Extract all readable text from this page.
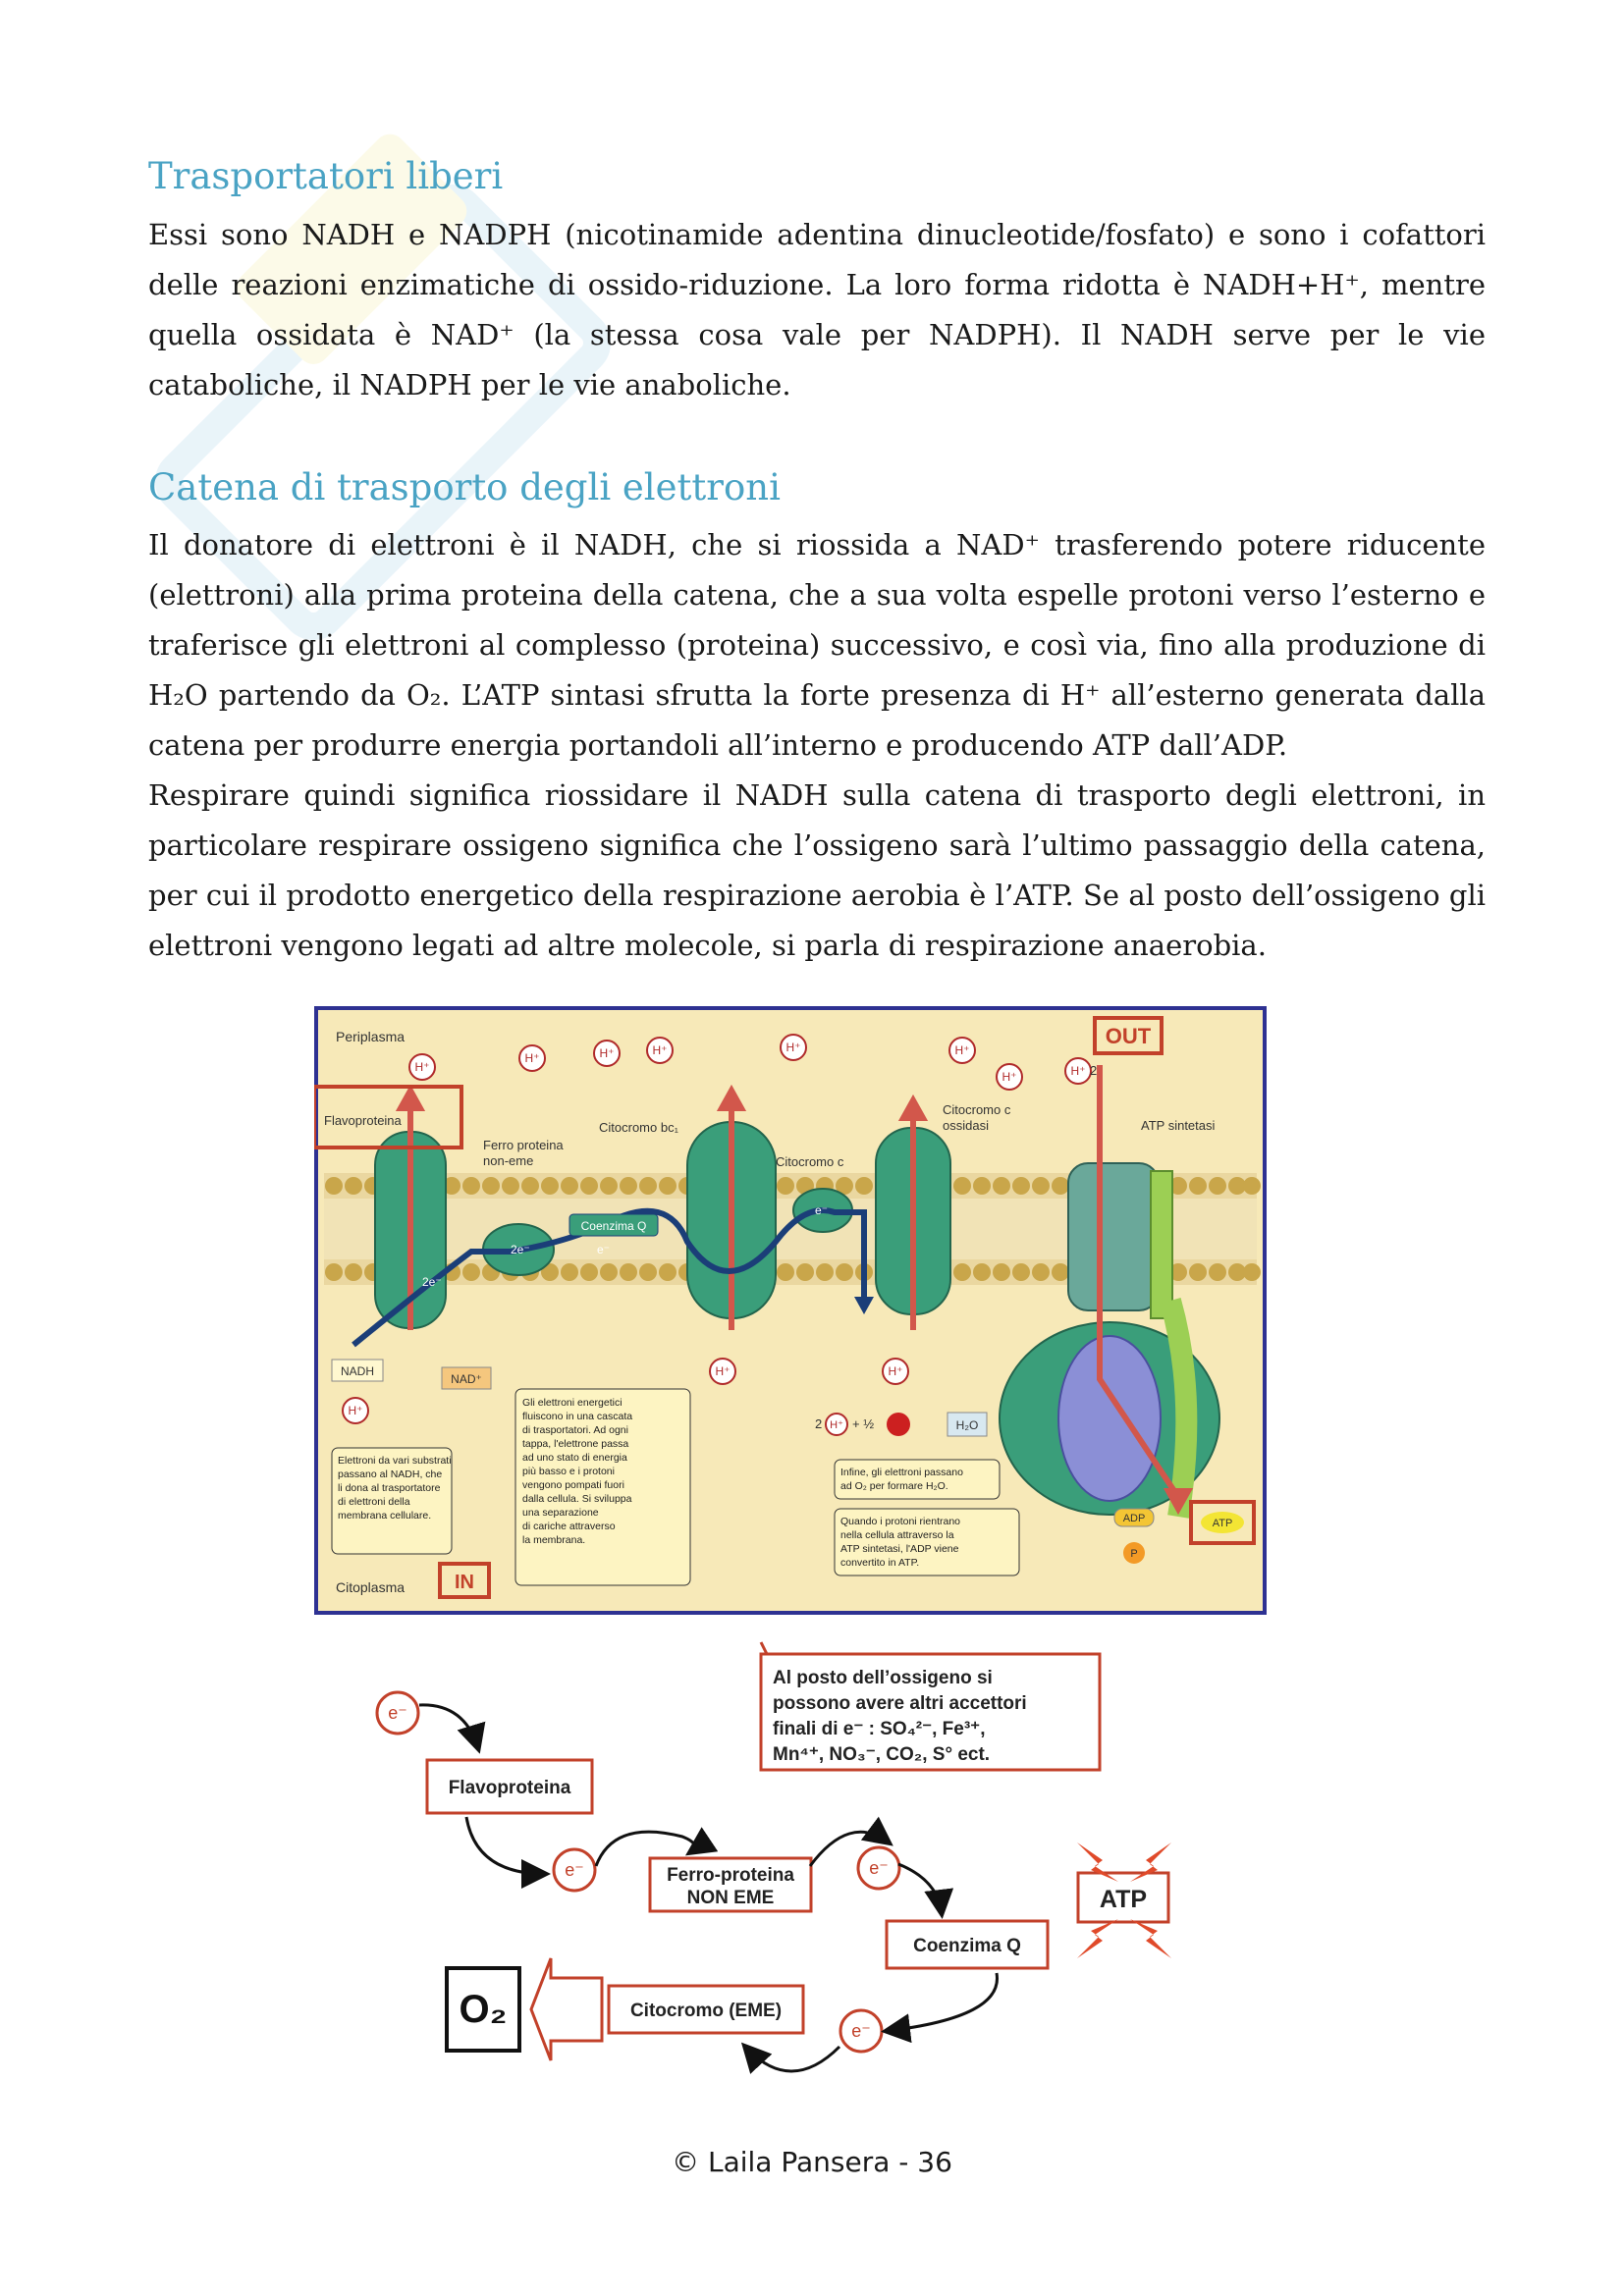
Trasportatori liberi

Essi sono NADH e NADPH (nicotinamide adentina dinucleotide/fosfato) e sono i cofattori delle reazioni enzimatiche di ossido-riduzione. La loro forma ridotta è NADH+H⁺, mentre quella ossidata è NAD⁺ (la stessa cosa vale per NADPH). Il NADH serve per le vie cataboliche, il NADPH per le vie anaboliche.

Catena di trasporto degli elettroni

Il donatore di elettroni è il NADH, che si riossida a NAD⁺ trasferendo potere riducente (elettroni) alla prima proteina della catena, che a sua volta espelle protoni verso l’esterno e traferisce gli elettroni al complesso (proteina) successivo, e così via, fino alla produzione di H₂O partendo da O₂. L’ATP sintasi sfrutta la forte presenza di H⁺ all’esterno generata dalla catena per produrre energia portandoli all’interno e producendo ATP dall’ADP.

Respirare quindi significa riossidare il NADH sulla catena di trasporto degli elettroni, in particolare respirare ossigeno significa che l’ossigeno sarà l’ultimo passaggio della catena, per cui il prodotto energetico della respirazione aerobia è l’ATP. Se al posto dell’ossigeno gli elettroni vengono legati ad altre molecole, si parla di respirazione anaerobia.

Periplasma
Citoplasma
OUT
IN
Flavoproteina
Ferro proteina
non-eme
Citocromo bc₁
Citocromo c
Citocromo c
ossidasi	ATP sintetasi
Coenzima Q
H⁺
H⁺	H⁺	H⁺	H⁺	H⁺
H⁺	H⁺
H⁺	H⁺
H⁺
2
2e⁻
2e⁻
e⁻
e⁻
NADH
NAD⁺
2 H⁺ + ½	H₂O
ADP
P
ATP
Elettroni da vari substrati passano al NADH, che li dona al trasportatore di elettroni della membrana cellulare.
Gli elettroni energetici fluiscono in una cascata di trasportatori. Ad ogni tappa, l'elettrone passa ad uno stato di energia più basso e i protoni vengono pompati fuori dalla cellula. Si sviluppa una separazione di cariche attraverso la membrana.
Infine, gli elettroni passano ad O₂ per formare H₂O.
Quando i protoni rientrano nella cellula attraverso la ATP sintetasi, l'ADP viene convertito in ATP.
Al posto dell’ossigeno si possono avere altri accettori finali di e⁻ : SO₄²⁻, Fe³⁺, Mn⁴⁺, NO₃⁻, CO₂, S° ect.
e⁻
e⁻	e⁻
e⁻
Flavoproteina
Ferro-proteina
NON EME
Coenzima Q
Citocromo (EME)
ATP
O₂
© Laila Pansera - 36
